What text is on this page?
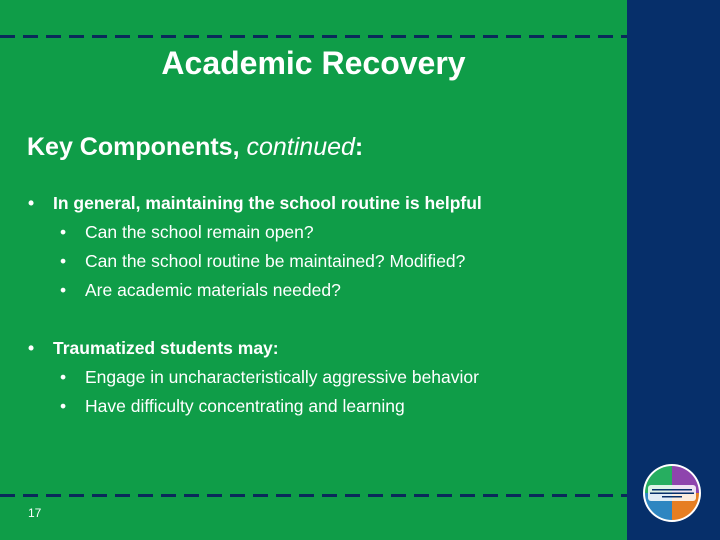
Academic Recovery
Key Components, continued:
• In general, maintaining the school routine is helpful
• Can the school remain open?
• Can the school routine be maintained? Modified?
• Are academic materials needed?
• Traumatized students may:
• Engage in uncharacteristically aggressive behavior
• Have difficulty concentrating and learning
17
